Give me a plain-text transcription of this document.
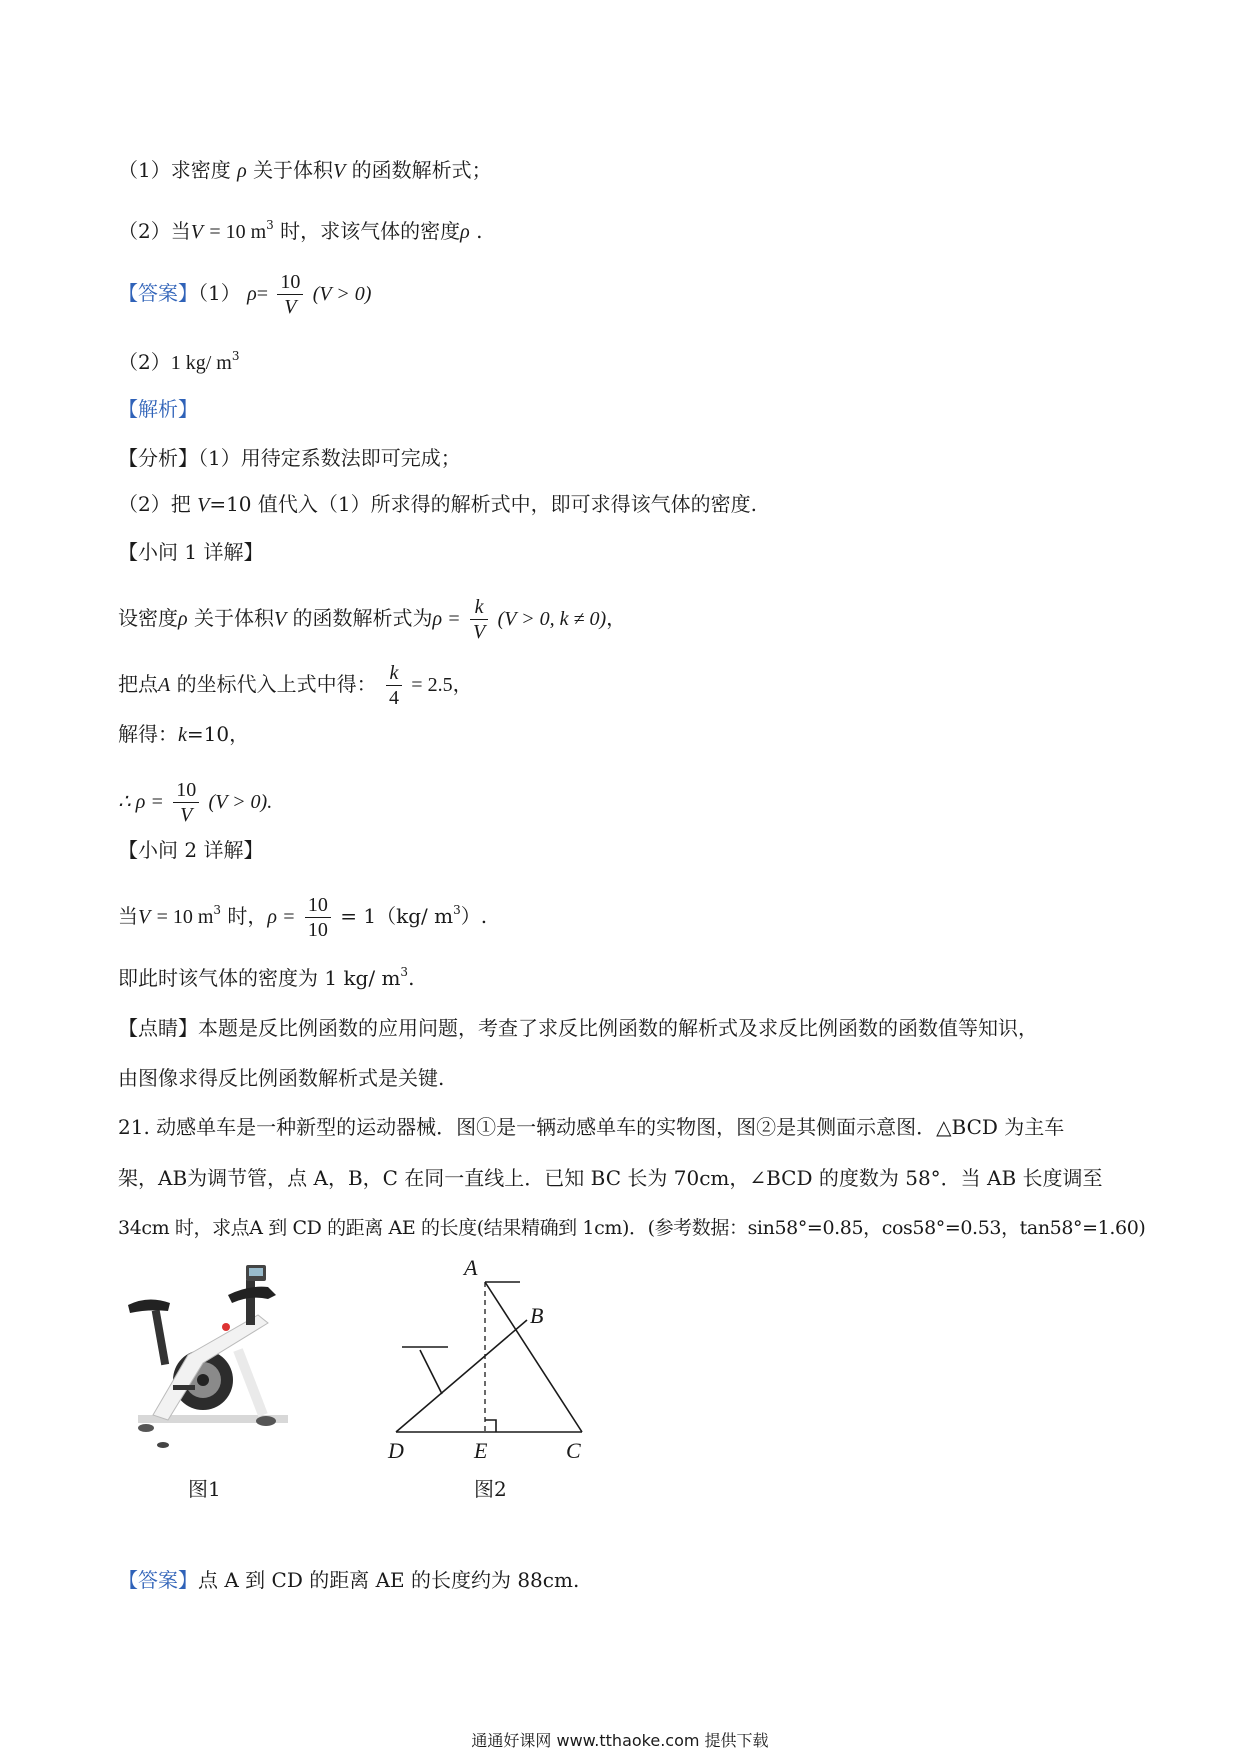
（1）求密度 ρ 关于体积V 的函数解析式；
（2）当V = 10 $m^3$ 时，求该气体的密度ρ .
【答案】（1） $\rho= \frac{10}{V} (V > 0)$
（2）1 kg/ $m^3$
【解析】
【分析】（1）用待定系数法即可完成；
（2）把 V=10 值代入（1）所求得的解析式中，即可求得该气体的密度.
【小问 1 详解】
设密度ρ 关于体积V 的函数解析式为$\rho = \frac{k}{V} (V > 0$, k ≠ 0)，
把点A 的坐标代入上式中得： $\frac{k}{4} = 2.5$，
解得：k=10，
∴ $\rho = \frac{10}{V} (V > 0)$.
【小问 2 详解】
当V = 10 $m^3$ 时，$\rho = \frac{10}{10} = 1(kg/$ $m^3$）.
即此时该气体的密度为 1 kg/ $m^3$.
【点睛】本题是反比例函数的应用问题，考查了求反比例函数的解析式及求反比例函数的函数值等知识，
由图像求得反比例函数解析式是关键.
21. 动感单车是一种新型的运动器械．图①是一辆动感单车的实物图，图②是其侧面示意图．△BCD 为主车
架，AB为调节管，点 A，B，C 在同一直线上．已知 BC 长为 70cm，∠BCD 的度数为 58°．当 AB 长度调至
34cm 时，求点A 到 CD 的距离 AE 的长度(结果精确到 1cm)．(参考数据：sin58°=0.85，cos58°=0.53，tan58°=1.60)
图1
A
B
C
D	E
图2
【答案】点 A 到 CD 的距离 AE 的长度约为 88cm.
通通好课网 www.tthaoke.com 提供下载
